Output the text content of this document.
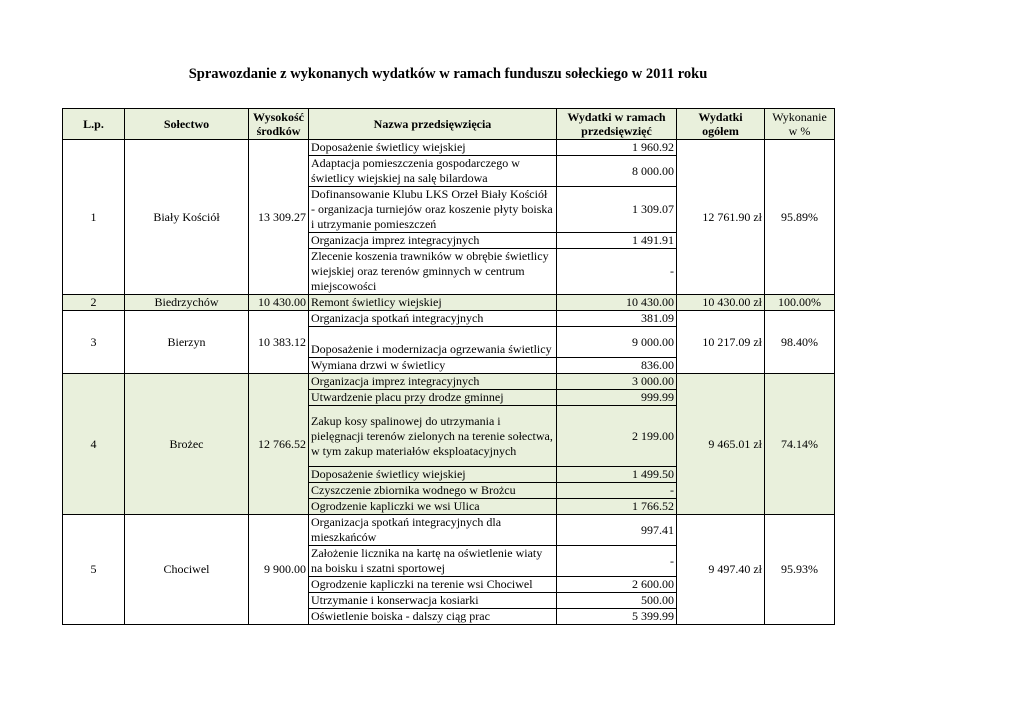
Sprawozdanie z wykonanych wydatków w ramach funduszu sołeckiego w 2011 roku
L.p.	Sołectwo	Wysokość środków	Nazwa przedsięwzięcia	Wydatki w ramach przedsięwzięć	Wydatki ogółem	Wykonanie w %
1	Biały Kościół	13 309.27	Doposażenie świetlicy wiejskiej	1 960.92	12 761.90 zł	95.89%
			Adaptacja pomieszczenia gospodarczego w świetlicy wiejskiej na salę bilardowa	8 000.00		
			Dofinansowanie Klubu LKS Orzeł Biały Kościół - organizacja turniejów oraz koszenie płyty boiska i utrzymanie pomieszczeń	1 309.07		
			Organizacja imprez integracyjnych	1 491.91		
			Zlecenie koszenia trawników w obrębie świetlicy wiejskiej oraz terenów gminnych w centrum miejscowości	-		
2	Biedrzychów	10 430.00	Remont świetlicy wiejskiej	10 430.00	10 430.00 zł	100.00%
3	Bierzyn	10 383.12	Organizacja spotkań integracyjnych	381.09	10 217.09 zł	98.40%
			Doposażenie i modernizacja ogrzewania świetlicy	9 000.00		
			Wymiana drzwi w świetlicy	836.00		
4	Brożec	12 766.52	Organizacja imprez integracyjnych	3 000.00	9 465.01 zł	74.14%
			Utwardzenie placu przy drodze gminnej	999.99		
			Zakup kosy spalinowej do utrzymania i pielęgnacji terenów zielonych na terenie sołectwa, w tym zakup materiałów eksploatacyjnych	2 199.00		
			Doposażenie świetlicy wiejskiej	1 499.50		
			Czyszczenie zbiornika wodnego w Brożcu	-		
			Ogrodzenie kapliczki we wsi Ulica	1 766.52		
5	Chociwel	9 900.00	Organizacja spotkań integracyjnych dla mieszkańców	997.41	9 497.40 zł	95.93%
			Założenie licznika na kartę na oświetlenie wiaty na boisku i szatni sportowej	-		
			Ogrodzenie kapliczki na terenie wsi Chociwel	2 600.00		
			Utrzymanie i konserwacja kosiarki	500.00		
			Oświetlenie boiska - dalszy ciąg prac	5 399.99		
